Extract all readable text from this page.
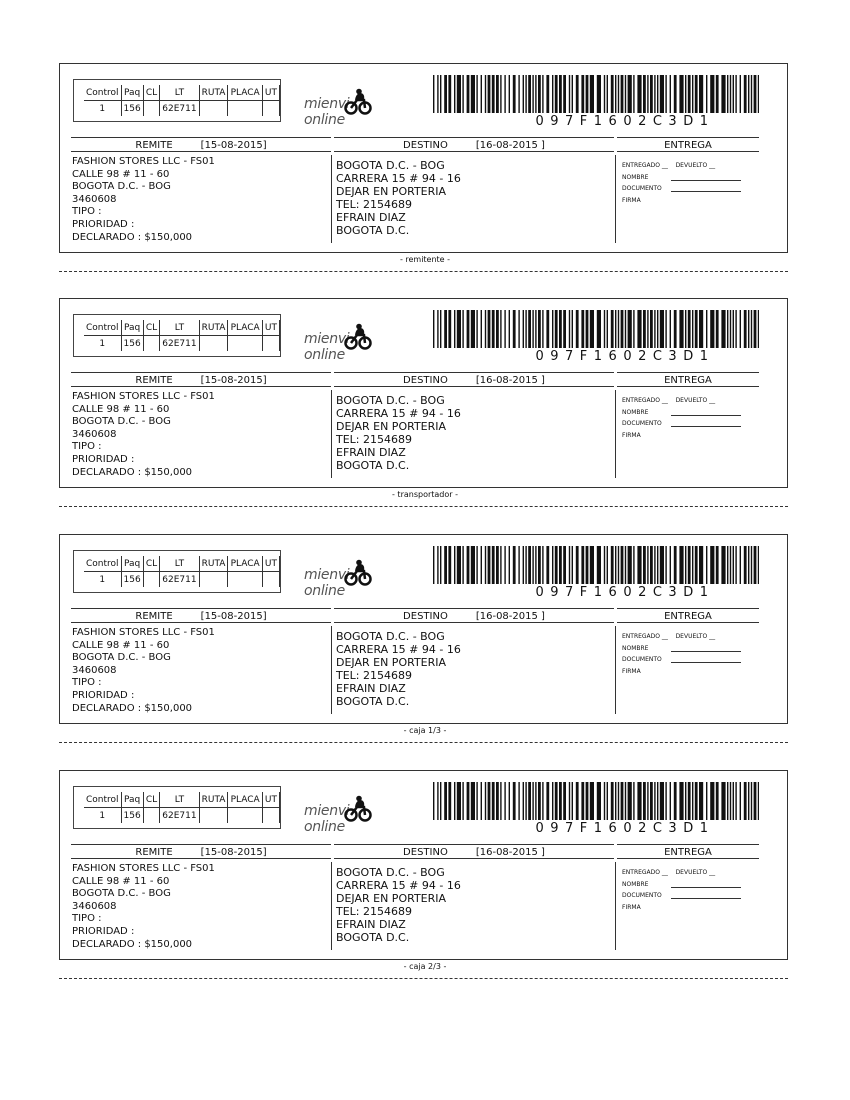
Control	Paq	CL	LT	RUTA	PLACA	UT
1	156		62E711				mienvionline	097F1602C3D1
REMITE	[15-08-2015]	DESTINO	[16-08-2015 ]	ENTREGA
FASHION STORES LLC - FS01
CALLE 98 # 11 - 60
BOGOTA D.C. - BOG
3460608
TIPO :
PRIORIDAD :
DECLARADO : $150,000
BOGOTA D.C. - BOG
CARRERA 15 # 94 - 16
DEJAR EN PORTERIA
TEL: 2154689
EFRAIN DIAZ
BOGOTA D.C.
ENTREGADO __ DEVUELTO __
NOMBRE
DOCUMENTO
FIRMA
- remitente -
Control	Paq	CL	LT	RUTA	PLACA	UT
1	156		62E711				mienvionline	097F1602C3D1
REMITE	[15-08-2015]	DESTINO	[16-08-2015 ]	ENTREGA
FASHION STORES LLC - FS01
CALLE 98 # 11 - 60
BOGOTA D.C. - BOG
3460608
TIPO :
PRIORIDAD :
DECLARADO : $150,000
BOGOTA D.C. - BOG
CARRERA 15 # 94 - 16
DEJAR EN PORTERIA
TEL: 2154689
EFRAIN DIAZ
BOGOTA D.C.
ENTREGADO __ DEVUELTO __
NOMBRE
DOCUMENTO
FIRMA
- transportador -
Control	Paq	CL	LT	RUTA	PLACA	UT
1	156		62E711				mienvionline	097F1602C3D1
REMITE	[15-08-2015]	DESTINO	[16-08-2015 ]	ENTREGA
FASHION STORES LLC - FS01
CALLE 98 # 11 - 60
BOGOTA D.C. - BOG
3460608
TIPO :
PRIORIDAD :
DECLARADO : $150,000
BOGOTA D.C. - BOG
CARRERA 15 # 94 - 16
DEJAR EN PORTERIA
TEL: 2154689
EFRAIN DIAZ
BOGOTA D.C.
ENTREGADO __ DEVUELTO __
NOMBRE
DOCUMENTO
FIRMA
- caja 1/3 -
Control	Paq	CL	LT	RUTA	PLACA	UT
1	156		62E711				mienvionline	097F1602C3D1
REMITE	[15-08-2015]	DESTINO	[16-08-2015 ]	ENTREGA
FASHION STORES LLC - FS01
CALLE 98 # 11 - 60
BOGOTA D.C. - BOG
3460608
TIPO :
PRIORIDAD :
DECLARADO : $150,000
BOGOTA D.C. - BOG
CARRERA 15 # 94 - 16
DEJAR EN PORTERIA
TEL: 2154689
EFRAIN DIAZ
BOGOTA D.C.
ENTREGADO __ DEVUELTO __
NOMBRE
DOCUMENTO
FIRMA
- caja 2/3 -
